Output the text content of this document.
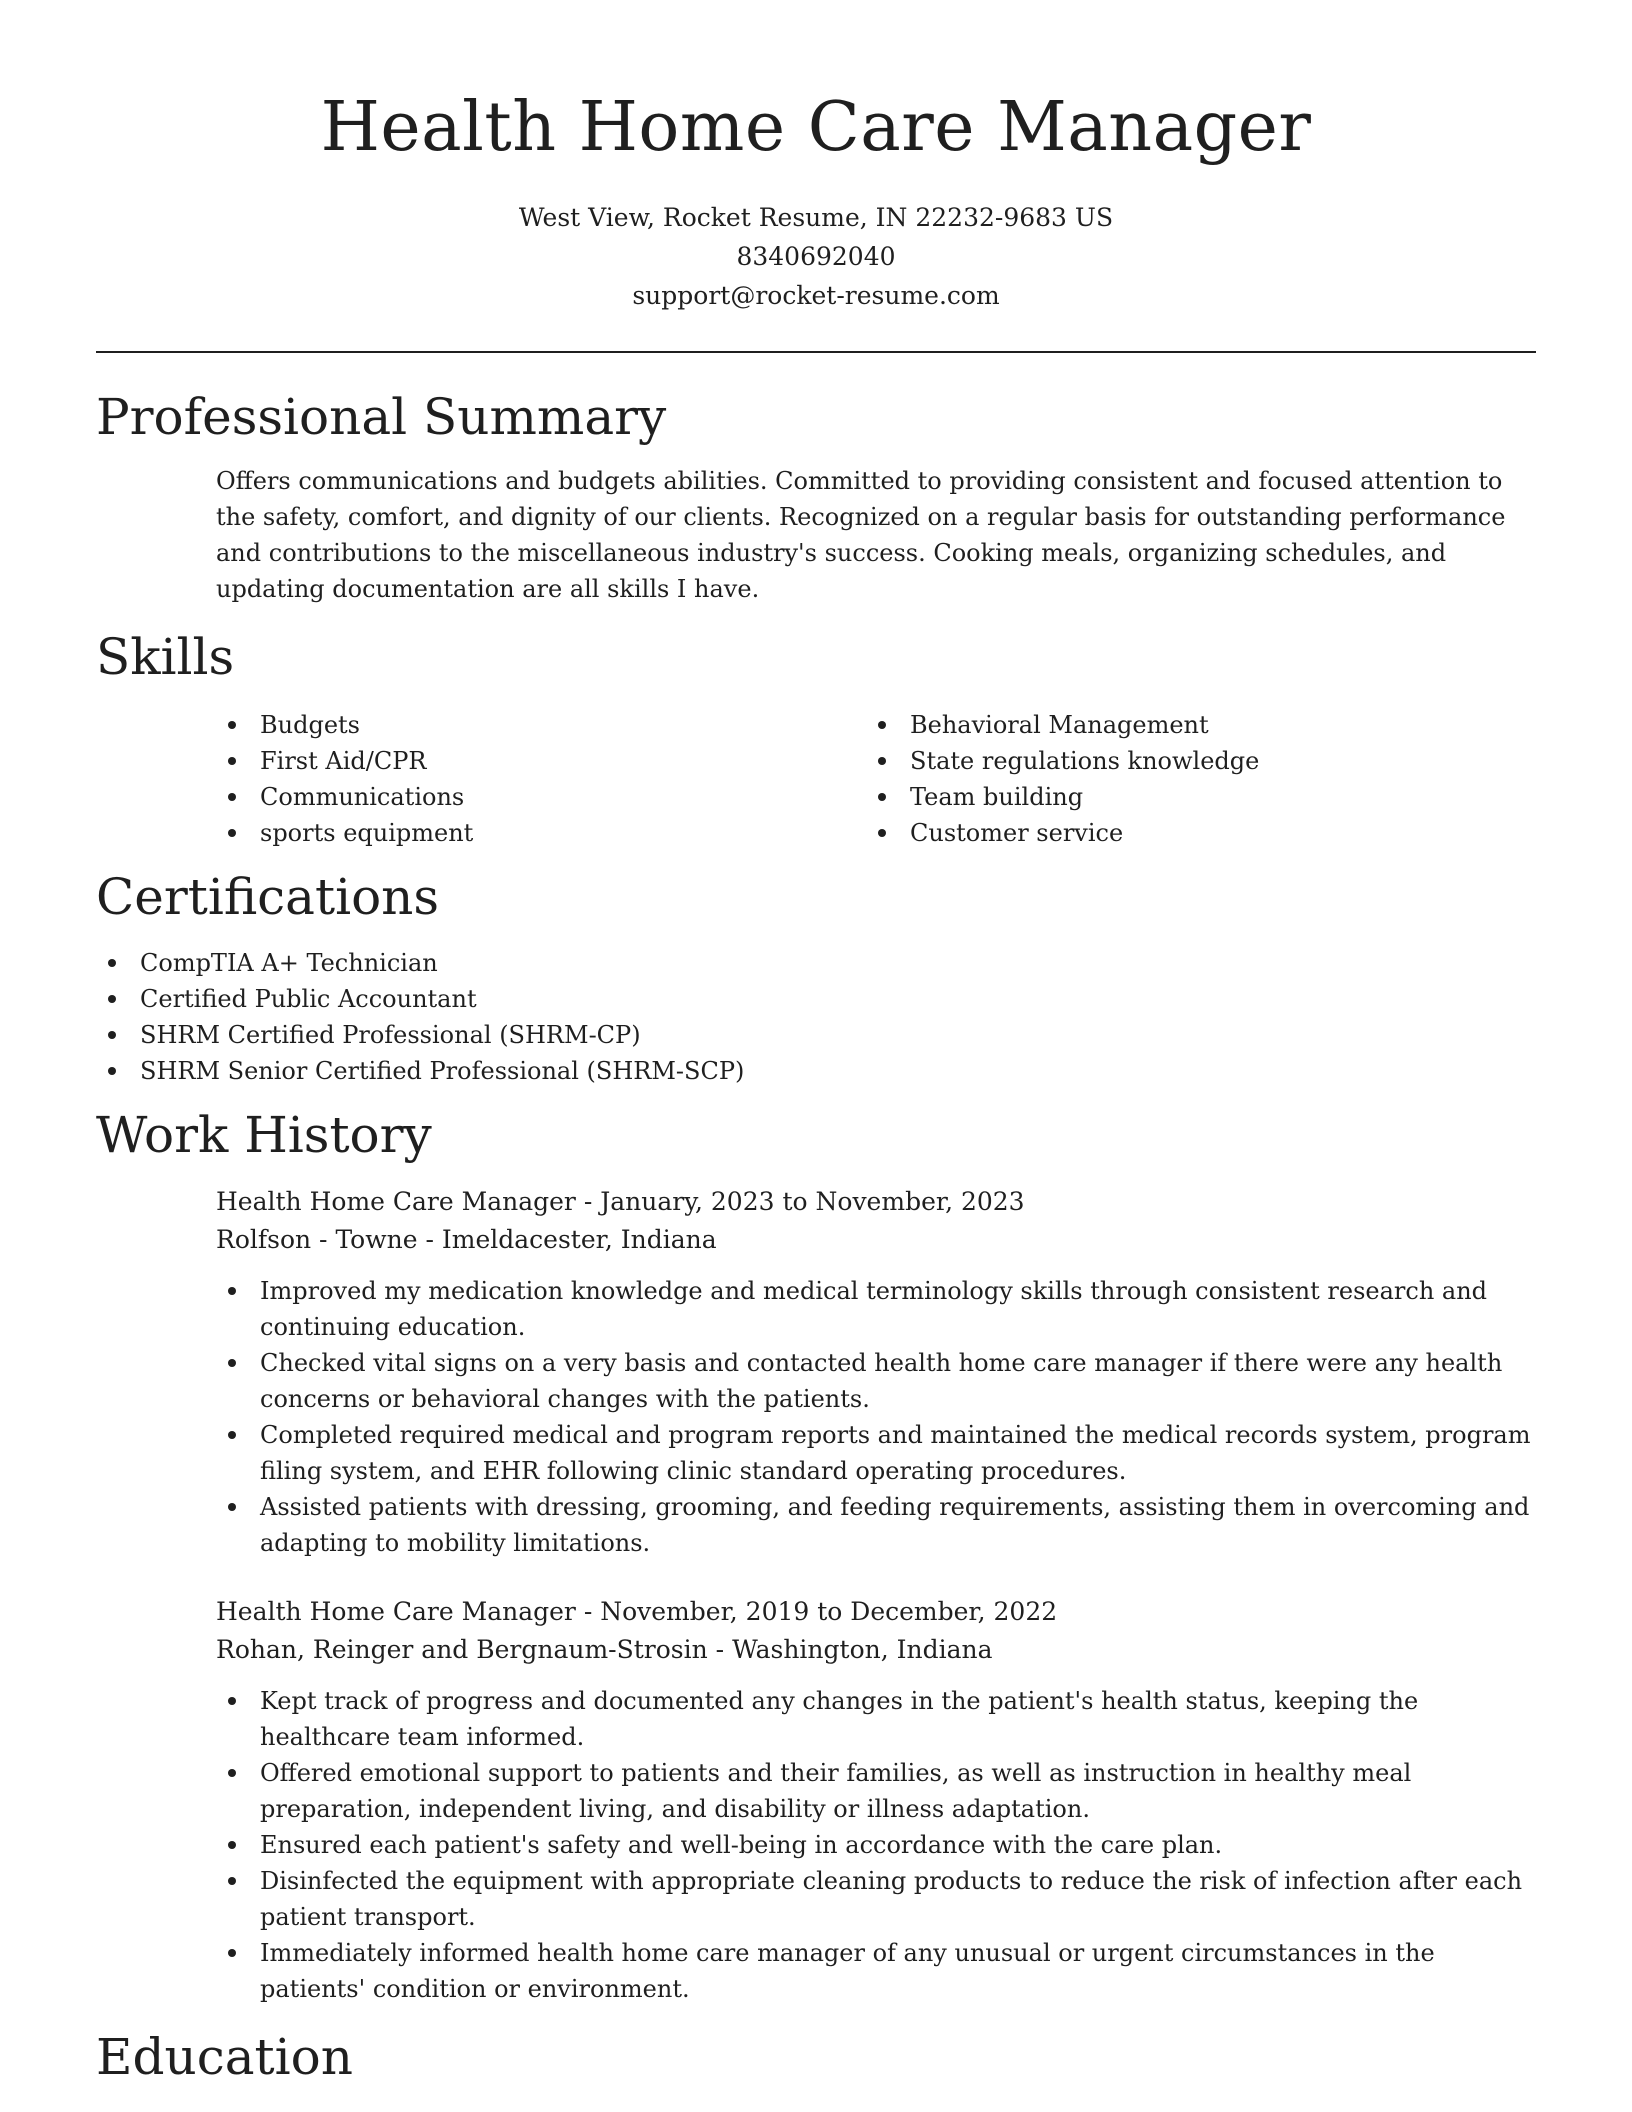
Health Home Care Manager
West View, Rocket Resume, IN 22232-9683 US
8340692040
support@rocket-resume.com
Professional Summary
Offers communications and budgets abilities. Committed to providing consistent and focused attention to the safety, comfort, and dignity of our clients. Recognized on a regular basis for outstanding performance and contributions to the miscellaneous industry's success. Cooking meals, organizing schedules, and updating documentation are all skills I have.
Skills
Budgets
First Aid/CPR
Communications
sports equipment
Behavioral Management
State regulations knowledge
Team building
Customer service
Certifications
CompTIA A+ Technician
Certified Public Accountant
SHRM Certified Professional (SHRM-CP)
SHRM Senior Certified Professional (SHRM-SCP)
Work History
Health Home Care Manager - January, 2023 to November, 2023
Rolfson - Towne - Imeldacester, Indiana
Improved my medication knowledge and medical terminology skills through consistent research and continuing education.
Checked vital signs on a very basis and contacted health home care manager if there were any health concerns or behavioral changes with the patients.
Completed required medical and program reports and maintained the medical records system, program filing system, and EHR following clinic standard operating procedures.
Assisted patients with dressing, grooming, and feeding requirements, assisting them in overcoming and adapting to mobility limitations.
Health Home Care Manager - November, 2019 to December, 2022
Rohan, Reinger and Bergnaum-Strosin - Washington, Indiana
Kept track of progress and documented any changes in the patient's health status, keeping the healthcare team informed.
Offered emotional support to patients and their families, as well as instruction in healthy meal preparation, independent living, and disability or illness adaptation.
Ensured each patient's safety and well-being in accordance with the care plan.
Disinfected the equipment with appropriate cleaning products to reduce the risk of infection after each patient transport.
Immediately informed health home care manager of any unusual or urgent circumstances in the patients' condition or environment.
Education
